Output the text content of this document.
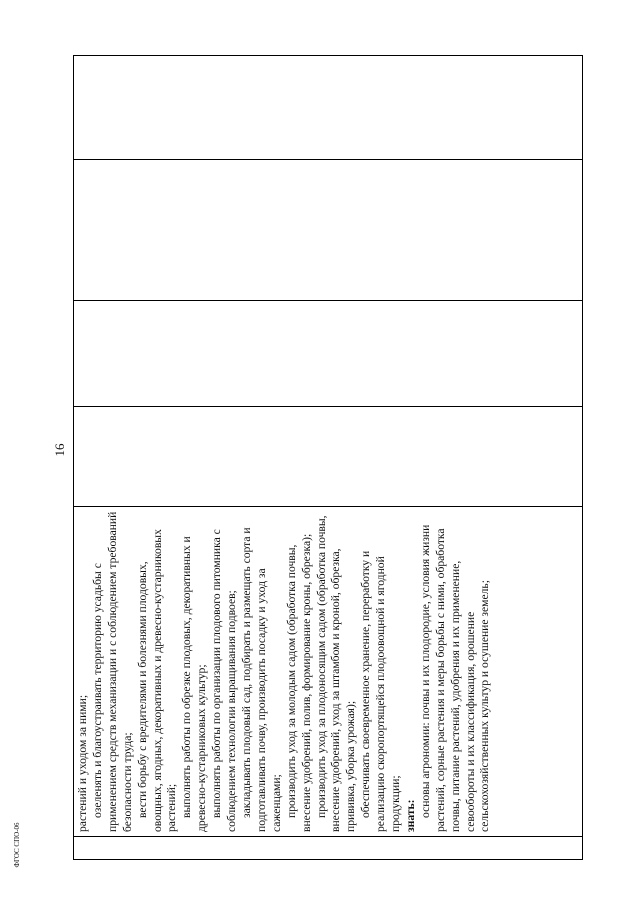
16
ФГОС СПО-06

растений и уходом за ними; озеленять и благоустраивать территорию усадьбы с применением средств механизации и с соблюдением требований безопасности труда; вести борьбу с вредителями и болезнями плодовых, овощных, ягодных, декоративных и древесно-кустарниковых растений; выполнять работы по обрезке плодовых, декоративных и древесно-кустарниковых культур; выполнять работы по организации плодового питомника с соблюдением технологии выращивания подвоев; закладывать плодовый сад, подбирать и размещать сорта и подготавливать почву, производить посадку и уход за саженцами; производить уход за молодым садом (обработка почвы, внесение удобрений, полив, формирование кроны, обрезка); производить уход за плодоносящим садом (обработка почвы, внесение удобрений, уход за штамбом и кроной, обрезка, прививка, уборка урожая); обеспечивать своевременное хранение, переработку и реализацию скоропортящейся плодоовощной и ягодной продукции; знать: основы агрономии: почвы и их плодородие, условия жизни растений, сорные растения и меры борьбы с ними, обработка почвы, питание растений, удобрения и их применение, севообороты и их классификация, орошение сельскохозяйственных культур и осушение земель;
